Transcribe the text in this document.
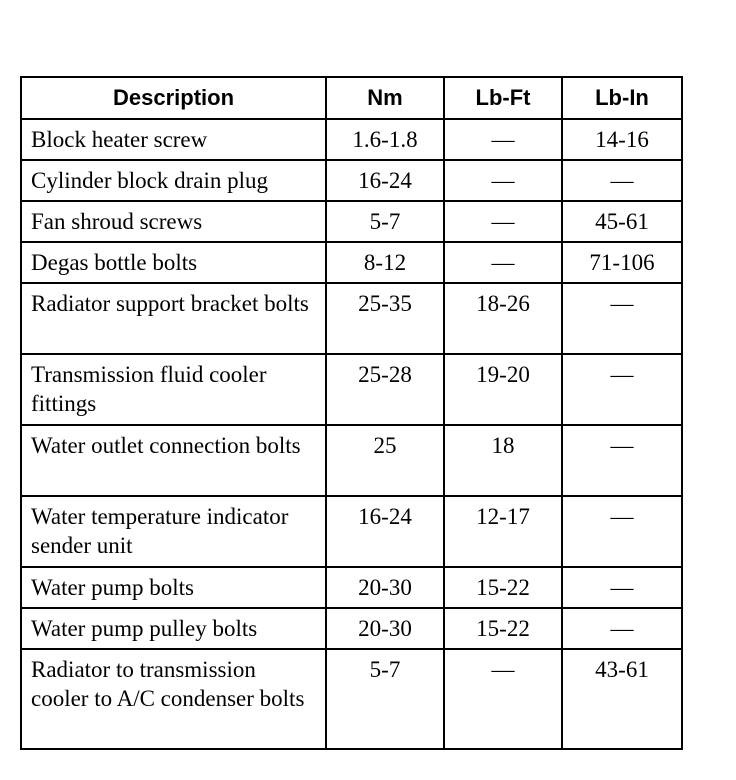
Description	Nm	Lb-Ft	Lb-In
Block heater screw	1.6-1.8	—	14-16
Cylinder block drain plug	16-24	—	—
Fan shroud screws	5-7	—	45-61
Degas bottle bolts	8-12	—	71-106
Radiator support bracket bolts	25-35	18-26	—
Transmission fluid cooler fittings	25-28	19-20	—
Water outlet connection bolts	25	18	—
Water temperature indicator sender unit	16-24	12-17	—
Water pump bolts	20-30	15-22	—
Water pump pulley bolts	20-30	15-22	—
Radiator to transmission cooler to A/C condenser bolts	5-7	—	43-61
